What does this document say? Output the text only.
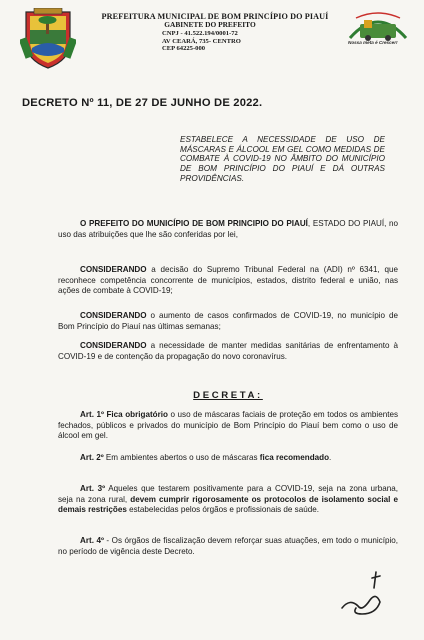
PREFEITURA MUNICIPAL DE BOM PRINCÍPIO DO PIAUÍ
GABINETE DO PREFEITO
CNPJ - 41.522.194/0001-72
AV CEARÁ, 735- CENTRO
CEP 64225-000
Nossa meta é Crescer!
DECRETO Nº 11, DE 27 DE JUNHO DE 2022.
ESTABELECE A NECESSIDADE DE USO DE MÁSCARAS E ÁLCOOL EM GEL COMO MEDIDAS DE COMBATE À COVID-19 NO ÂMBITO DO MUNICÍPIO DE BOM PRINCÍPIO DO PIAUÍ E DÁ OUTRAS PROVIDÊNCIAS.

O PREFEITO DO MUNICÍPIO DE BOM PRINCIPIO DO PIAUÍ, ESTADO DO PIAUÍ, no uso das atribuições que lhe são conferidas por lei,

CONSIDERANDO a decisão do Supremo Tribunal Federal na (ADI) nº 6341, que reconhece competência concorrente de municípios, estados, distrito federal e união, nas ações de combate à COVID-19;

CONSIDERANDO o aumento de casos confirmados de COVID-19, no município de Bom Princípio do Piauí nas últimas semanas;

CONSIDERANDO a necessidade de manter medidas sanitárias de enfrentamento à COVID-19 e de contenção da propagação do novo coronavírus.

DECRETA:

Art. 1º Fica obrigatório o uso de máscaras faciais de proteção em todos os ambientes fechados, públicos e privados do município de Bom Princípio do Piauí bem como o uso de álcool em gel.

Art. 2º Em ambientes abertos o uso de máscaras fica recomendado.

Art. 3º Aqueles que testarem positivamente para a COVID-19, seja na zona urbana, seja na zona rural, devem cumprir rigorosamente os protocolos de isolamento social e demais restrições estabelecidas pelos órgãos e profissionais de saúde.

Art. 4º - Os órgãos de fiscalização devem reforçar suas atuações, em todo o município, no período de vigência deste Decreto.
